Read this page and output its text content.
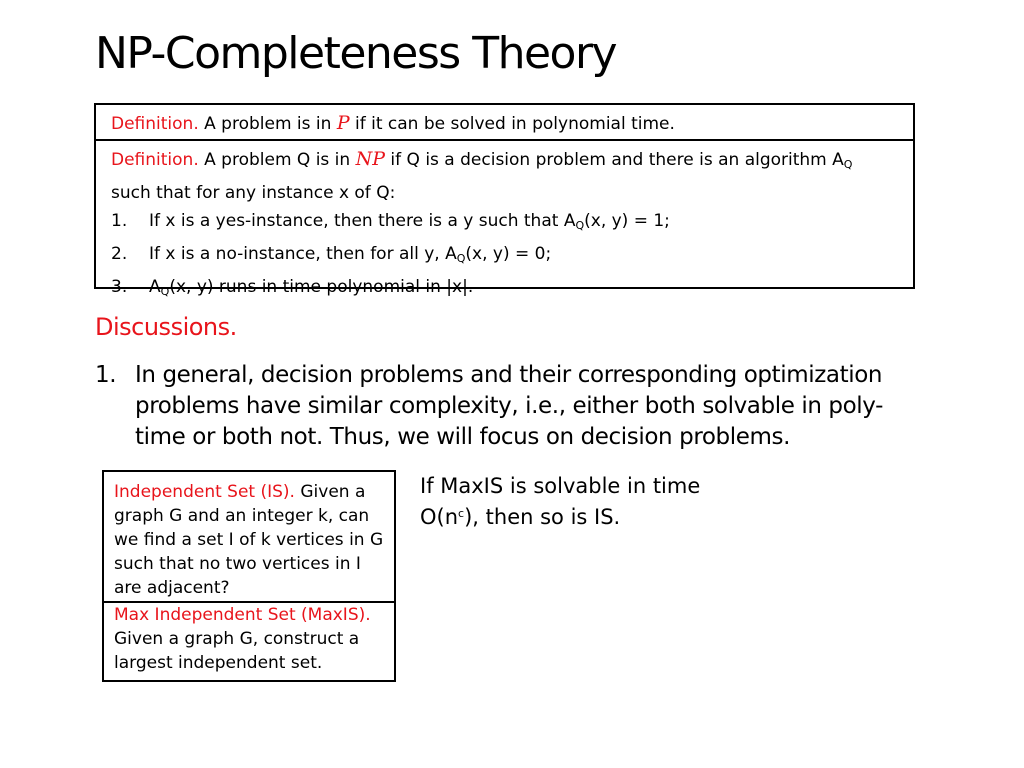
NP-Completeness Theory
Definition. A problem is in P if it can be solved in polynomial time.
Definition. A problem Q is in NP if Q is a decision problem and there is an algorithm $A_Q$
such that for any instance x of Q:
1. If x is a yes-instance, then there is a y such that $A_Q(x$, y) = 1;
2. If x is a no-instance, then for all y, $A_Q(x$, y) = 0;
3. $A_Q(x$, y) runs in time polynomial in |x|.
Discussions.
1. In general, decision problems and their corresponding optimization problems have similar complexity, i.e., either both solvable in poly-time or both not. Thus, we will focus on decision problems.
Independent Set (IS). Given a graph G and an integer k, can we find a set I of k vertices in G such that no two vertices in I are adjacent?
Max Independent Set (MaxIS).
Given a graph G, construct a largest independent set.
If MaxIS is solvable in time
$O(n^c)$, then so is IS.
